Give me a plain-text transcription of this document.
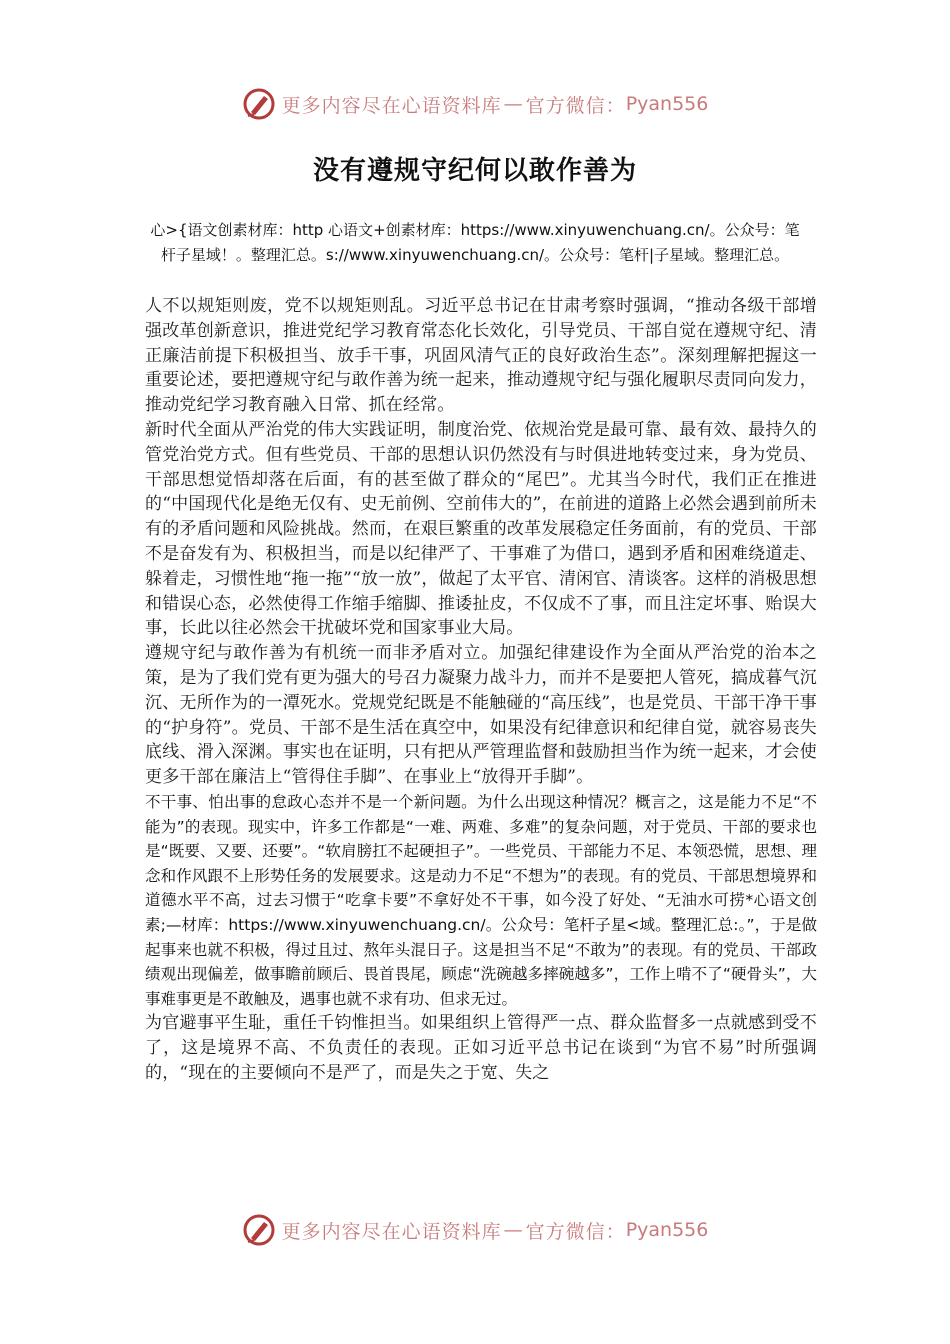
更多内容尽在心语资料库 — 官方微信： Pyan556
没有遵规守纪何以敢作善为
心>{语文创素材库：http 心语文+创素材库：https://www.xinyuwenchuang.cn/。公众号：笔杆子星域！。整理汇总。s://www.xinyuwenchuang.cn/。公众号：笔杆|子星域。整理汇总。

人不以规矩则废，党不以规矩则乱。习近平总书记在甘肃考察时强调，“推动各级干部增强改革创新意识，推进党纪学习教育常态化长效化，引导党员、干部自觉在遵规守纪、清正廉洁前提下积极担当、放手干事，巩固风清气正的良好政治生态”。深刻理解把握这一重要论述，要把遵规守纪与敢作善为统一起来，推动遵规守纪与强化履职尽责同向发力，推动党纪学习教育融入日常、抓在经常。

新时代全面从严治党的伟大实践证明，制度治党、依规治党是最可靠、最有效、最持久的管党治党方式。但有些党员、干部的思想认识仍然没有与时俱进地转变过来，身为党员、干部思想觉悟却落在后面，有的甚至做了群众的“尾巴”。尤其当今时代，我们正在推进的“中国现代化是绝无仅有、史无前例、空前伟大的”，在前进的道路上必然会遇到前所未有的矛盾问题和风险挑战。然而，在艰巨繁重的改革发展稳定任务面前，有的党员、干部不是奋发有为、积极担当，而是以纪律严了、干事难了为借口，遇到矛盾和困难绕道走、躲着走，习惯性地“拖一拖”“放一放”，做起了太平官、清闲官、清谈客。这样的消极思想和错误心态，必然使得工作缩手缩脚、推诿扯皮，不仅成不了事，而且注定坏事、贻误大事，长此以往必然会干扰破坏党和国家事业大局。

遵规守纪与敢作善为有机统一而非矛盾对立。加强纪律建设作为全面从严治党的治本之策，是为了我们党有更为强大的号召力凝聚力战斗力，而并不是要把人管死，搞成暮气沉沉、无所作为的一潭死水。党规党纪既是不能触碰的“高压线”，也是党员、干部干净干事的“护身符”。党员、干部不是生活在真空中，如果没有纪律意识和纪律自觉，就容易丧失底线、滑入深渊。事实也在证明，只有把从严管理监督和鼓励担当作为统一起来，才会使更多干部在廉洁上“管得住手脚”、在事业上“放得开手脚”。

不干事、怕出事的怠政心态并不是一个新问题。为什么出现这种情况？概言之，这是能力不足“不能为”的表现。现实中，许多工作都是“一难、两难、多难”的复杂问题，对于党员、干部的要求也是“既要、又要、还要”。“软肩膀扛不起硬担子”。一些党员、干部能力不足、本领恐慌，思想、理念和作风跟不上形势任务的发展要求。这是动力不足“不想为”的表现。有的党员、干部思想境界和道德水平不高，过去习惯于“吃拿卡要”不拿好处不干事，如今没了好处、“无油水可捞*心语文创素;—材库：https://www.xinyuwenchuang.cn/。公众号：笔杆子星<域。整理汇总:。”，于是做起事来也就不积极，得过且过、熬年头混日子。这是担当不足“不敢为”的表现。有的党员、干部政绩观出现偏差，做事瞻前顾后、畏首畏尾，顾虑“洗碗越多摔碗越多”，工作上啃不了“硬骨头”，大事难事更是不敢触及，遇事也就不求有功、但求无过。

为官避事平生耻，重任千钧惟担当。如果组织上管得严一点、群众监督多一点就感到受不了，这是境界不高、不负责任的表现。正如习近平总书记在谈到“为官不易”时所强调的，“现在的主要倾向不是严了，而是失之于宽、失之

更多内容尽在心语资料库 — 官方微信： Pyan556
